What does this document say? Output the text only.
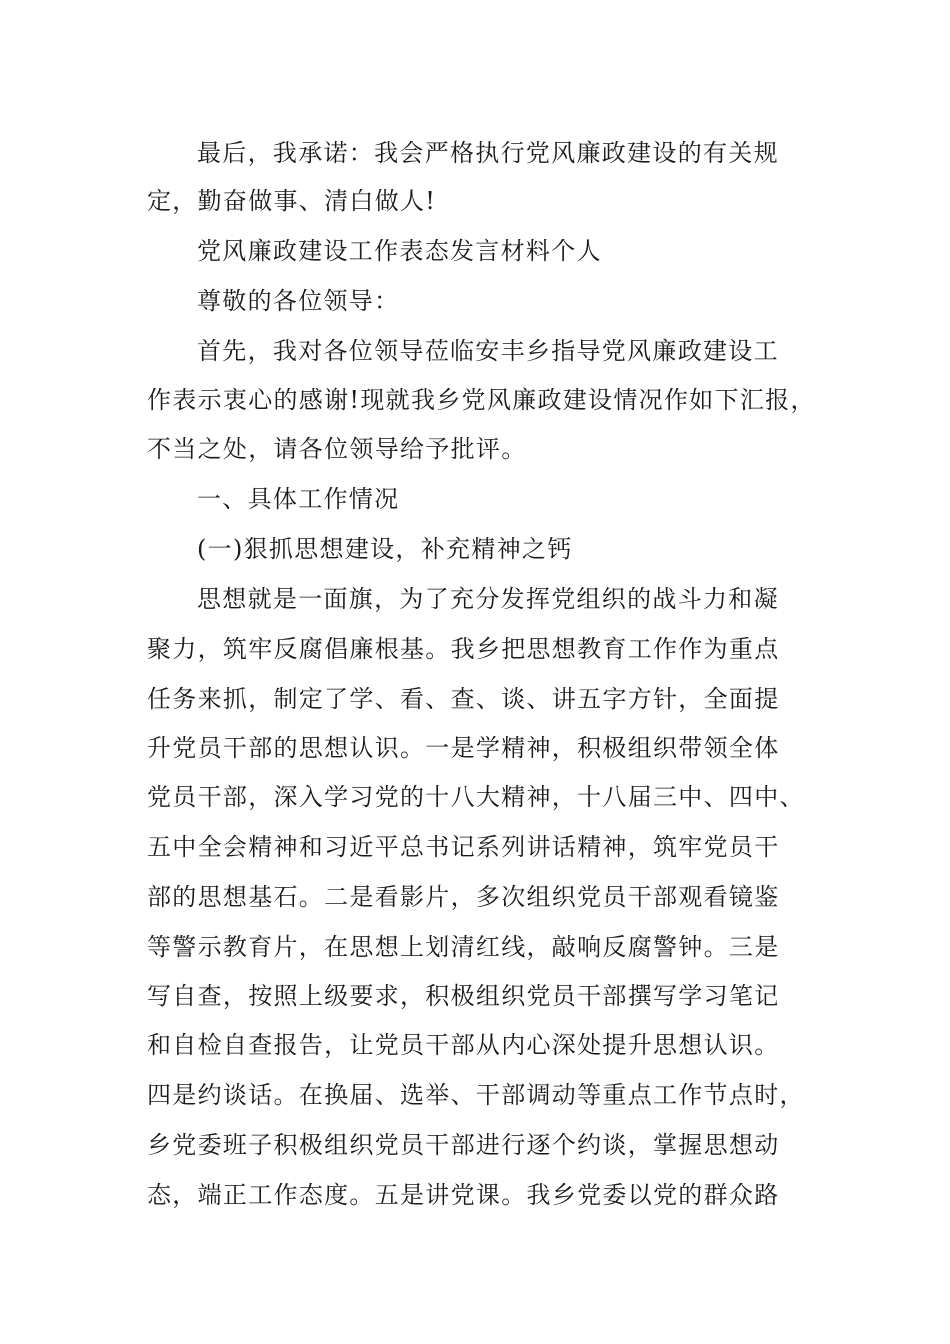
最后，我承诺：我会严格执行党风廉政建设的有关规
定，勤奋做事、清白做人!
党风廉政建设工作表态发言材料个人
尊敬的各位领导：
首先，我对各位领导莅临安丰乡指导党风廉政建设工
作表示衷心的感谢!现就我乡党风廉政建设情况作如下汇报，
不当之处，请各位领导给予批评。
一、具体工作情况
(一)狠抓思想建设，补充精神之钙
思想就是一面旗，为了充分发挥党组织的战斗力和凝
聚力，筑牢反腐倡廉根基。我乡把思想教育工作作为重点
任务来抓，制定了学、看、查、谈、讲五字方针，全面提
升党员干部的思想认识。一是学精神，积极组织带领全体
党员干部，深入学习党的十八大精神，十八届三中、四中、
五中全会精神和习近平总书记系列讲话精神，筑牢党员干
部的思想基石。二是看影片，多次组织党员干部观看镜鉴
等警示教育片，在思想上划清红线，敲响反腐警钟。三是
写自查，按照上级要求，积极组织党员干部撰写学习笔记
和自检自查报告，让党员干部从内心深处提升思想认识。
四是约谈话。在换届、选举、干部调动等重点工作节点时，
乡党委班子积极组织党员干部进行逐个约谈，掌握思想动
态，端正工作态度。五是讲党课。我乡党委以党的群众路
